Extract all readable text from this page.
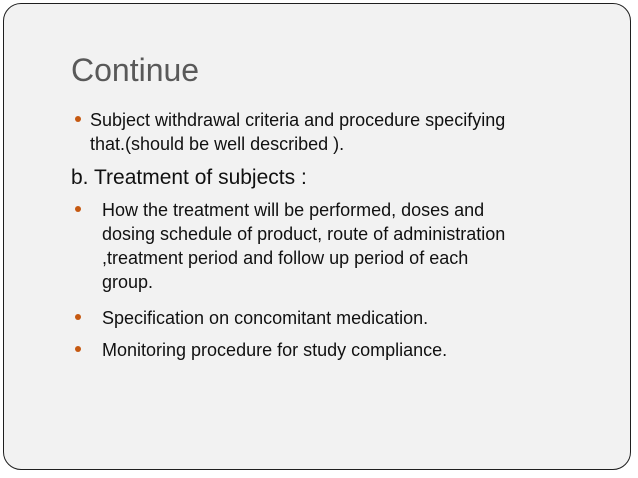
Continue
Subject withdrawal criteria and procedure specifying
that.(should be well described ).
b. Treatment of subjects :
How the treatment will be performed, doses and
dosing schedule of product, route of administration
,treatment period and follow up period of each
group.
Specification on concomitant medication.
Monitoring procedure for study compliance.
